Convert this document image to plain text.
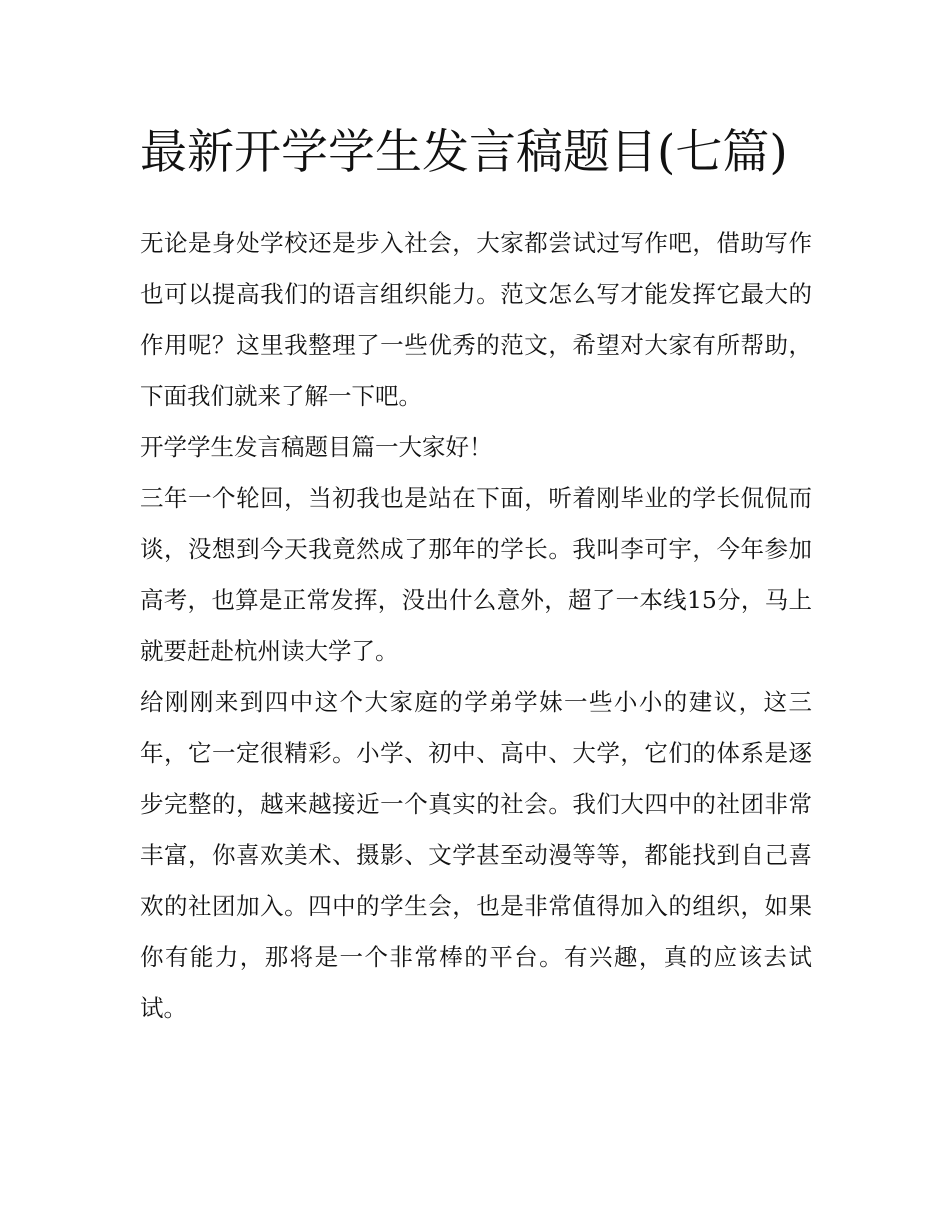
最新开学学生发言稿题目(七篇)

无论是身处学校还是步入社会，大家都尝试过写作吧，借助写作也可以提高我们的语言组织能力。范文怎么写才能发挥它最大的作用呢？这里我整理了一些优秀的范文，希望对大家有所帮助，下面我们就来了解一下吧。

开学学生发言稿题目篇一大家好！

三年一个轮回，当初我也是站在下面，听着刚毕业的学长侃侃而谈，没想到今天我竟然成了那年的学长。我叫李可宇，今年参加高考，也算是正常发挥，没出什么意外，超了一本线15分，马上就要赶赴杭州读大学了。

给刚刚来到四中这个大家庭的学弟学妹一些小小的建议，这三年，它一定很精彩。小学、初中、高中、大学，它们的体系是逐步完整的，越来越接近一个真实的社会。我们大四中的社团非常丰富，你喜欢美术、摄影、文学甚至动漫等等，都能找到自己喜欢的社团加入。四中的学生会，也是非常值得加入的组织，如果你有能力，那将是一个非常棒的平台。有兴趣，真的应该去试试。
